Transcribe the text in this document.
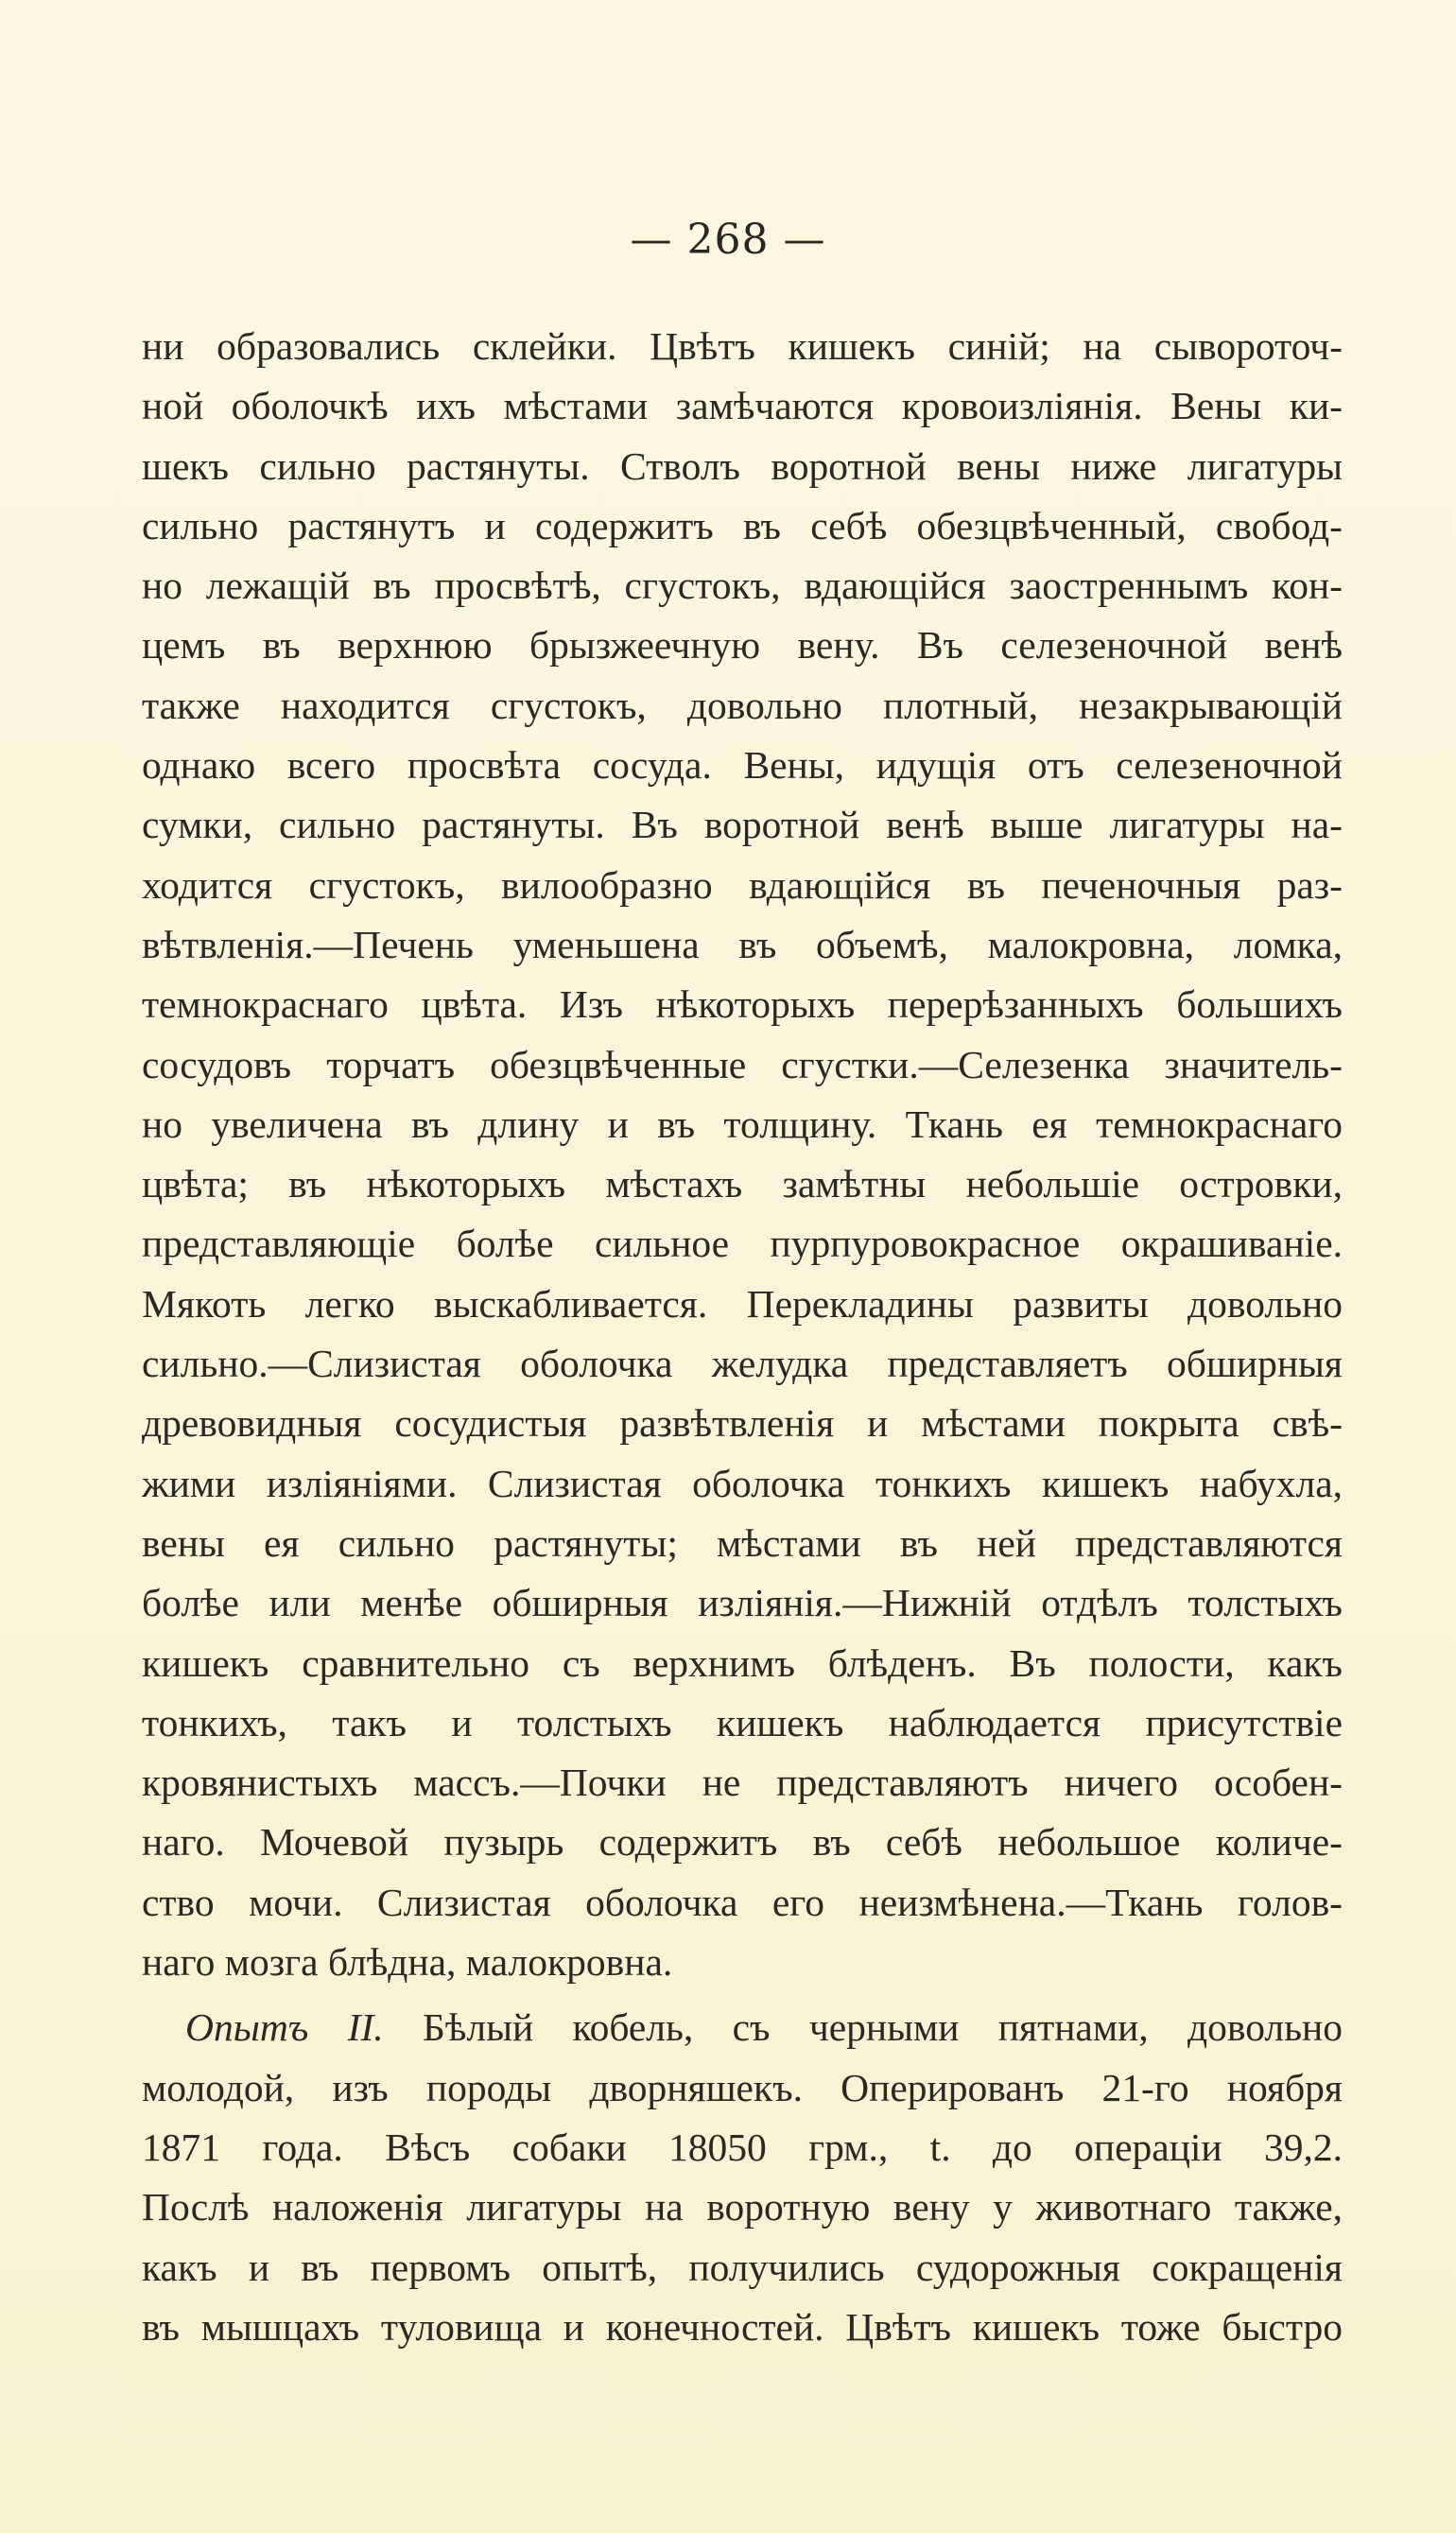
— 268 —
ни образовались склейки. Цвѣтъ кишекъ синій; на сывороточ-
ной оболочкѣ ихъ мѣстами замѣчаются кровоизліянія. Вены ки-
шекъ сильно растянуты. Стволъ воротной вены ниже лигатуры
сильно растянутъ и содержитъ въ себѣ обезцвѣченный, свобод-
но лежащій въ просвѣтѣ, сгустокъ, вдающійся заостреннымъ кон-
цемъ въ верхнюю брызжеечную вену. Въ селезеночной венѣ
также находится сгустокъ, довольно плотный, незакрывающій
однако всего просвѣта сосуда. Вены, идущія отъ селезеночной
сумки, сильно растянуты. Въ воротной венѣ выше лигатуры на-
ходится сгустокъ, вилообразно вдающійся въ печеночныя раз-
вѣтвленія.—Печень уменьшена въ объемѣ, малокровна, ломка,
темнокраснаго цвѣта. Изъ нѣкоторыхъ перерѣзанныхъ большихъ
сосудовъ торчатъ обезцвѣченные сгустки.—Селезенка значитель-
но увеличена въ длину и въ толщину. Ткань ея темнокраснаго
цвѣта; въ нѣкоторыхъ мѣстахъ замѣтны небольшіе островки,
представляющіе болѣе сильное пурпуровокрасное окрашиваніе.
Мякоть легко выскабливается. Перекладины развиты довольно
сильно.—Слизистая оболочка желудка представляетъ обширныя
древовидныя сосудистыя развѣтвленія и мѣстами покрыта свѣ-
жими изліяніями. Слизистая оболочка тонкихъ кишекъ набухла,
вены ея сильно растянуты; мѣстами въ ней представляются
болѣе или менѣе обширныя изліянія.—Нижній отдѣлъ толстыхъ
кишекъ сравнительно съ верхнимъ блѣденъ. Въ полости, какъ
тонкихъ, такъ и толстыхъ кишекъ наблюдается присутствіе
кровянистыхъ массъ.—Почки не представляютъ ничего особен-
наго. Мочевой пузырь содержитъ въ себѣ небольшое количе-
ство мочи. Слизистая оболочка его неизмѣнена.—Ткань голов-
наго мозга блѣдна, малокровна.
Опытъ II. Бѣлый кобель, съ черными пятнами, довольно
молодой, изъ породы дворняшекъ. Оперированъ 21-го ноября
1871 года. Вѣсъ собаки 18050 грм., t. до операціи 39,2.
Послѣ наложенія лигатуры на воротную вену у животнаго также,
какъ и въ первомъ опытѣ, получились судорожныя сокращенія
въ мышцахъ туловища и конечностей. Цвѣтъ кишекъ тоже быстро
